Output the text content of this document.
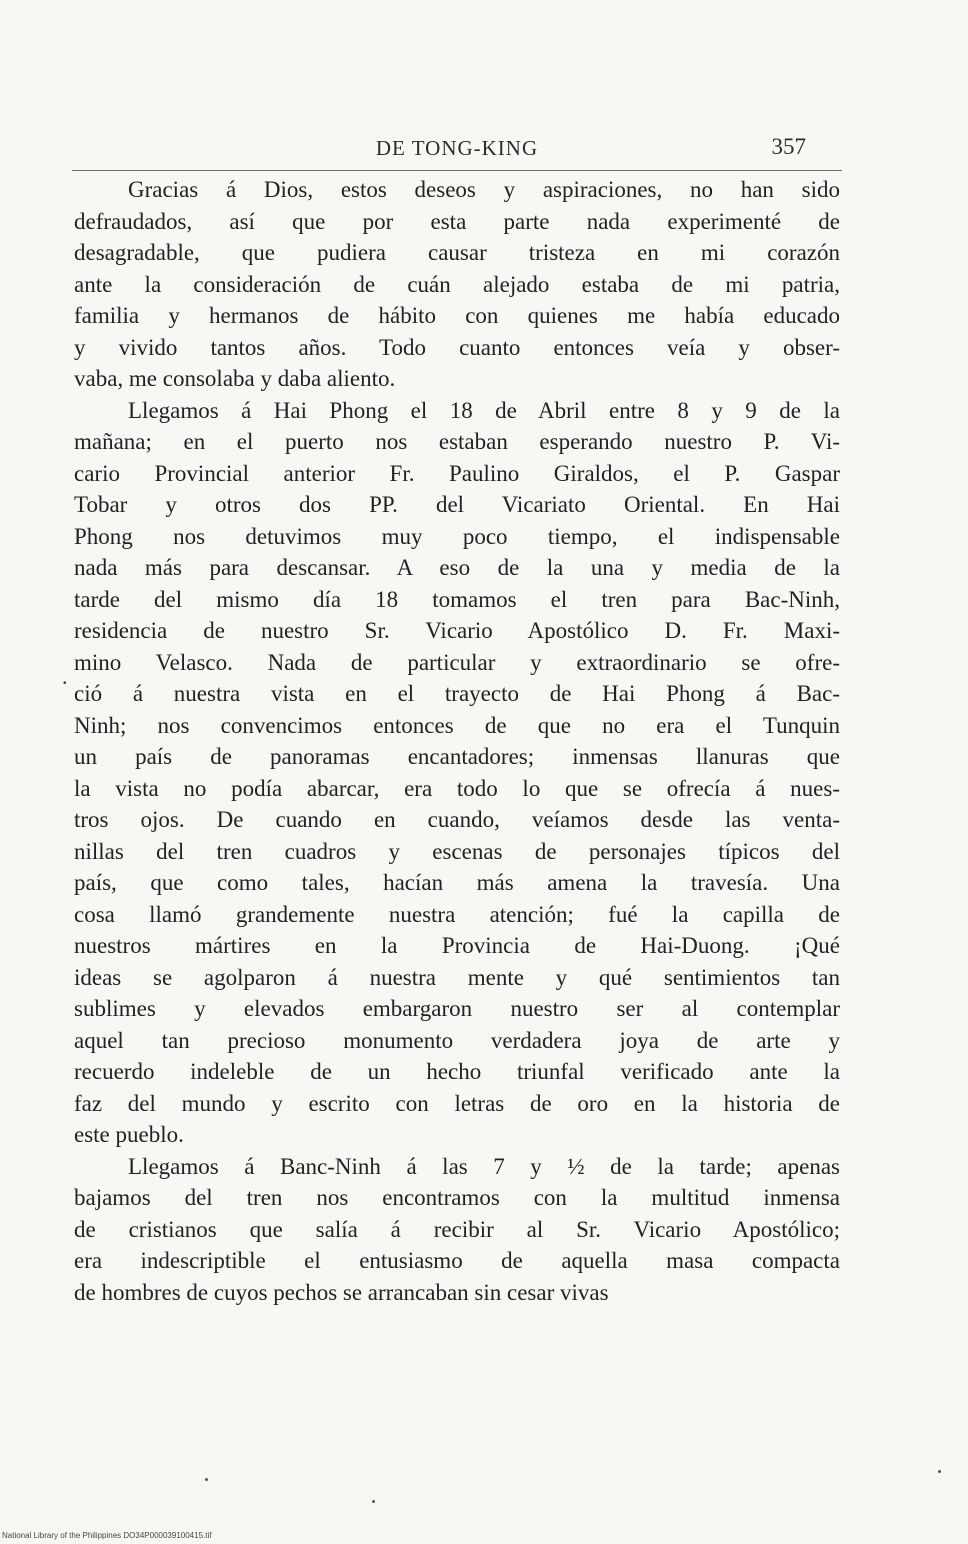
DE TONG-KING	357
.
Gracias á Dios, estos deseos y aspiraciones, no han sido
defraudados, así que por esta parte nada experimenté de
desagradable, que pudiera causar tristeza en mi corazón
ante la consideración de cuán alejado estaba de mi patria,
familia y hermanos de hábito con quienes me había educado
y vivido tantos años. Todo cuanto entonces veía y obser-
vaba, me consolaba y daba aliento.
Llegamos á Hai Phong el 18 de Abril entre 8 y 9 de la
mañana; en el puerto nos estaban esperando nuestro P. Vi-
cario Provincial anterior Fr. Paulino Giraldos, el P. Gaspar
Tobar y otros dos PP. del Vicariato Oriental. En Hai
Phong nos detuvimos muy poco tiempo, el indispensable
nada más para descansar. A eso de la una y media de la
tarde del mismo día 18 tomamos el tren para Bac-Ninh,
residencia de nuestro Sr. Vicario Apostólico D. Fr. Maxi-
mino Velasco. Nada de particular y extraordinario se ofre-
ció á nuestra vista en el trayecto de Hai Phong á Bac-
Ninh; nos convencimos entonces de que no era el Tunquin
un país de panoramas encantadores; inmensas llanuras que
la vista no podía abarcar, era todo lo que se ofrecía á nues-
tros ojos. De cuando en cuando, veíamos desde las venta-
nillas del tren cuadros y escenas de personajes típicos del
país, que como tales, hacían más amena la travesía. Una
cosa llamó grandemente nuestra atención; fué la capilla de
nuestros mártires en la Provincia de Hai-Duong. ¡Qué
ideas se agolparon á nuestra mente y qué sentimientos tan
sublimes y elevados embargaron nuestro ser al contemplar
aquel tan precioso monumento verdadera joya de arte y
recuerdo indeleble de un hecho triunfal verificado ante la
faz del mundo y escrito con letras de oro en la historia de
este pueblo.
Llegamos á Banc-Ninh á las 7 y ½ de la tarde; apenas
bajamos del tren nos encontramos con la multitud inmensa
de cristianos que salía á recibir al Sr. Vicario Apostólico;
era indescriptible el entusiasmo de aquella masa compacta
de hombres de cuyos pechos se arrancaban sin cesar vivas
National Library of the Philippines DO34P000039100415.tif
